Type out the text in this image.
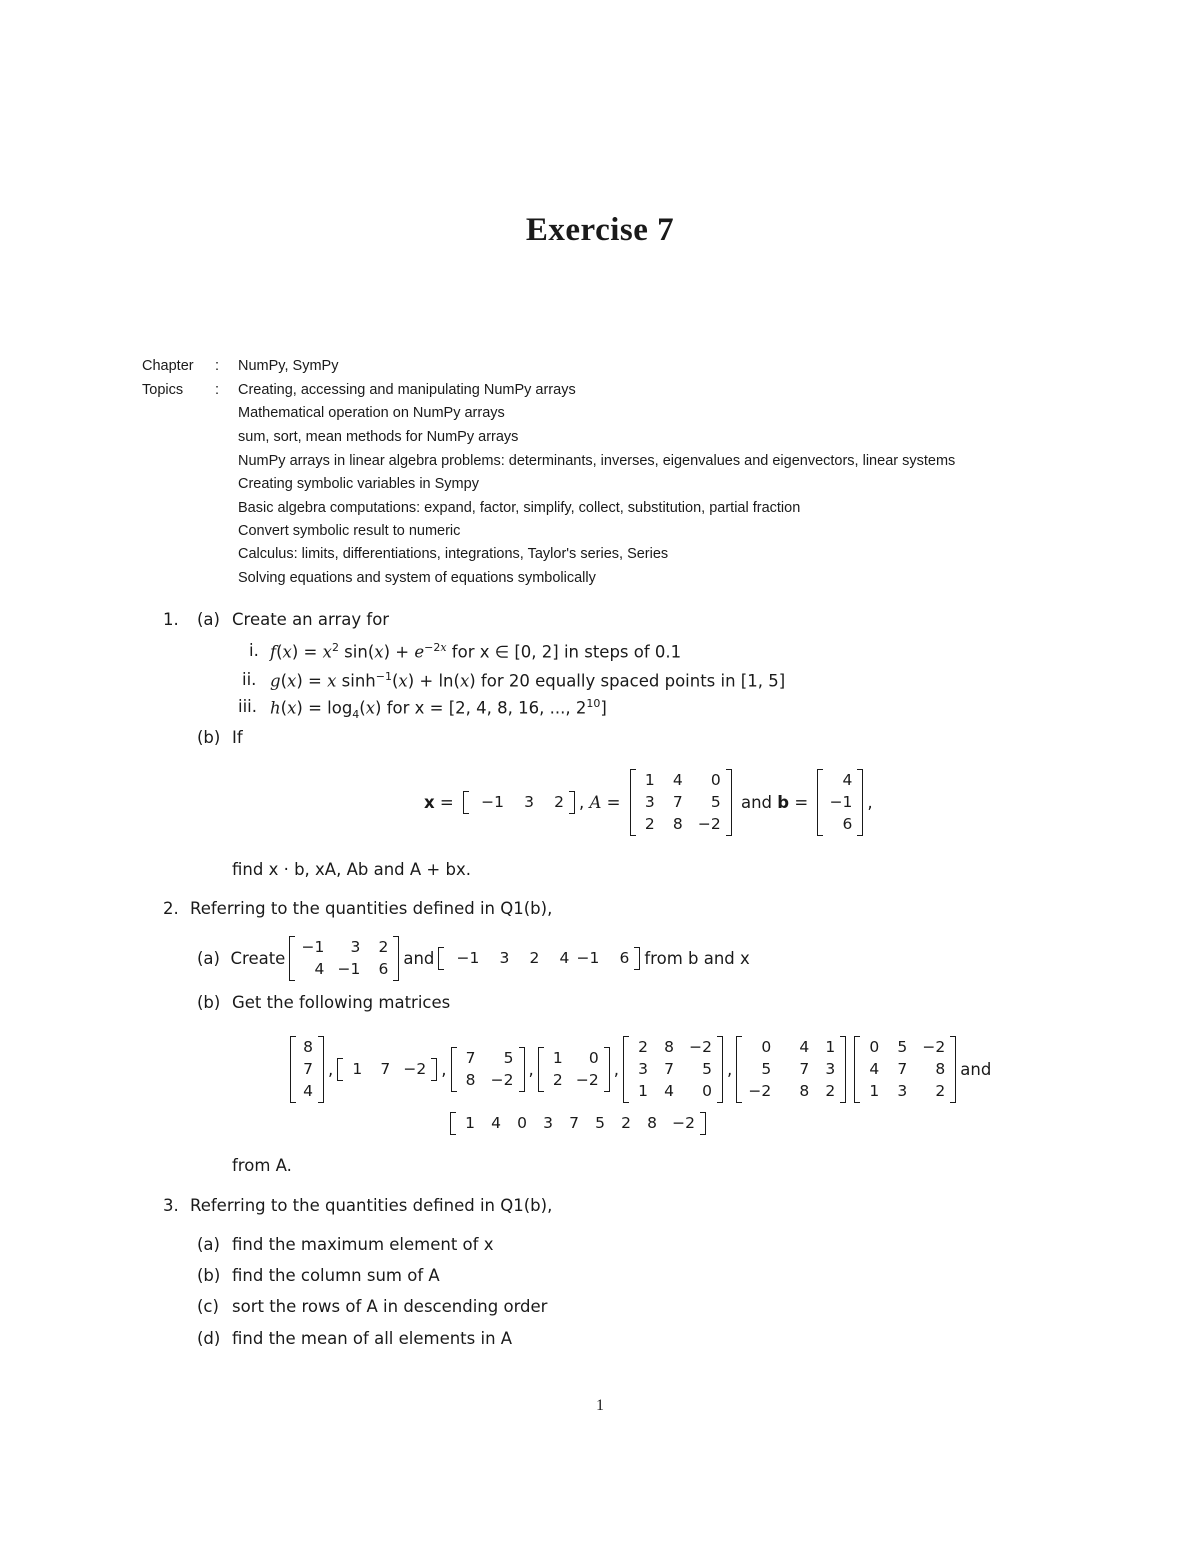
Exercise 7
Chapter : NumPy, SymPy
Topics : Creating, accessing and manipulating NumPy arrays
Mathematical operation on NumPy arrays
sum, sort, mean methods for NumPy arrays
NumPy arrays in linear algebra problems: determinants, inverses, eigenvalues and eigenvectors, linear systems
Creating symbolic variables in Sympy
Basic algebra computations: expand, factor, simplify, collect, substitution, partial fraction
Convert symbolic result to numeric
Calculus: limits, differentiations, integrations, Taylor's series, Series
Solving equations and system of equations symbolically
1. (a) Create an array for
i. $f(x) = x^2$ $\sin(x) + e^{-2x}$ for x ∈ [0, 2] in steps of 0.1
ii. g(x) = x $\sinh^{-1}(x) + \ln(x)$ for 20 equally spaced points in [1, 5]
iii. $h(x) = \log_4(x)$ for x = [2, 4, 8, 16, ..., $2^{10}$]
(b) If
x =	−1	3	2 ,
A =
1	4	0
3	7	5
2	8 −2

and
b =
4
−1
6
,
find x · b, xA, Ab and A + bx.
2. Referring to the quantities defined in Q1(b),
(a)
Create
−1	3	2
4 −1	6
and	−1	3	2	4 −1	6 from b and x
(b) Get the following matrices
8
7
4
, 1	7 −2 ,
7	5
8 −2
,
1	0
2 −2
,
2	8 −2
3	7	5
1	4	0
,
0	4	1
5	7	3
−2	8	2
0	5 −2
4	7	8
1	3	2
and
1	4	0	3	7	5	2	8 −2
from A.
3. Referring to the quantities defined in Q1(b),
(a) find the maximum element of x
(b) find the column sum of A
(c) sort the rows of A in descending order
(d) find the mean of all elements in A
1
